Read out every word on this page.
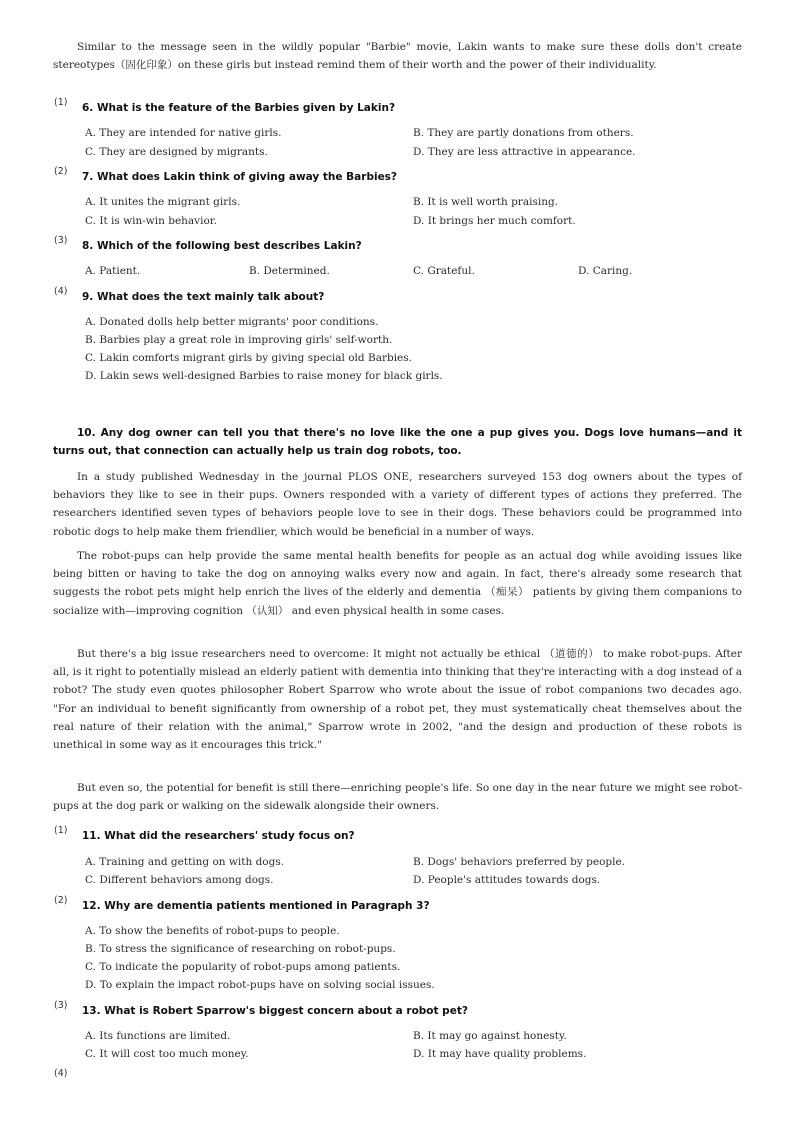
Similar to the message seen in the wildly popular "Barbie" movie, Lakin wants to make sure these dolls don't create stereotypes（固化印象）on these girls but instead remind them of their worth and the power of their individuality.

(1) 6. What is the feature of the Barbies given by Lakin?
A. They are intended for native girls.	B. They are partly donations from others.
C. They are designed by migrants.	D. They are less attractive in appearance.
(2) 7. What does Lakin think of giving away the Barbies?
A. It unites the migrant girls.	B. It is well worth praising.
C. It is win-win behavior.	D. It brings her much comfort.
(3) 8. Which of the following best describes Lakin?
A. Patient.	B. Determined.	C. Grateful.	D. Caring.
(4) 9. What does the text mainly talk about?
A. Donated dolls help better migrants' poor conditions.
B. Barbies play a great role in improving girls' self-worth.
C. Lakin comforts migrant girls by giving special old Barbies.
D. Lakin sews well-designed Barbies to raise money for black girls.

10. Any dog owner can tell you that there's no love like the one a pup gives you. Dogs love humans—and it turns out, that connection can actually help us train dog robots, too.

In a study published Wednesday in the journal PLOS ONE, researchers surveyed 153 dog owners about the types of behaviors they like to see in their pups. Owners responded with a variety of different types of actions they preferred. The researchers identified seven types of behaviors people love to see in their dogs. These behaviors could be programmed into robotic dogs to help make them friendlier, which would be beneficial in a number of ways.

The robot-pups can help provide the same mental health benefits for people as an actual dog while avoiding issues like being bitten or having to take the dog on annoying walks every now and again. In fact, there's already some research that suggests the robot pets might help enrich the lives of the elderly and dementia （痴呆） patients by giving them companions to socialize with—improving cognition （认知） and even physical health in some cases.

But there's a big issue researchers need to overcome: It might not actually be ethical （道德的） to make robot-pups. After all, is it right to potentially mislead an elderly patient with dementia into thinking that they're interacting with a dog instead of a robot? The study even quotes philosopher Robert Sparrow who wrote about the issue of robot companions two decades ago. "For an individual to benefit significantly from ownership of a robot pet, they must systematically cheat themselves about the real nature of their relation with the animal," Sparrow wrote in 2002, "and the design and production of these robots is unethical in some way as it encourages this trick."

But even so, the potential for benefit is still there—enriching people's life. So one day in the near future we might see robot-pups at the dog park or walking on the sidewalk alongside their owners.

(1) 11. What did the researchers' study focus on?
A. Training and getting on with dogs.	B. Dogs' behaviors preferred by people.
C. Different behaviors among dogs.	D. People's attitudes towards dogs.
(2) 12. Why are dementia patients mentioned in Paragraph 3?
A. To show the benefits of robot-pups to people.
B. To stress the significance of researching on robot-pups.
C. To indicate the popularity of robot-pups among patients.
D. To explain the impact robot-pups have on solving social issues.
(3) 13. What is Robert Sparrow's biggest concern about a robot pet?
A. Its functions are limited.	B. It may go against honesty.
C. It will cost too much money.	D. It may have quality problems.
(4)
